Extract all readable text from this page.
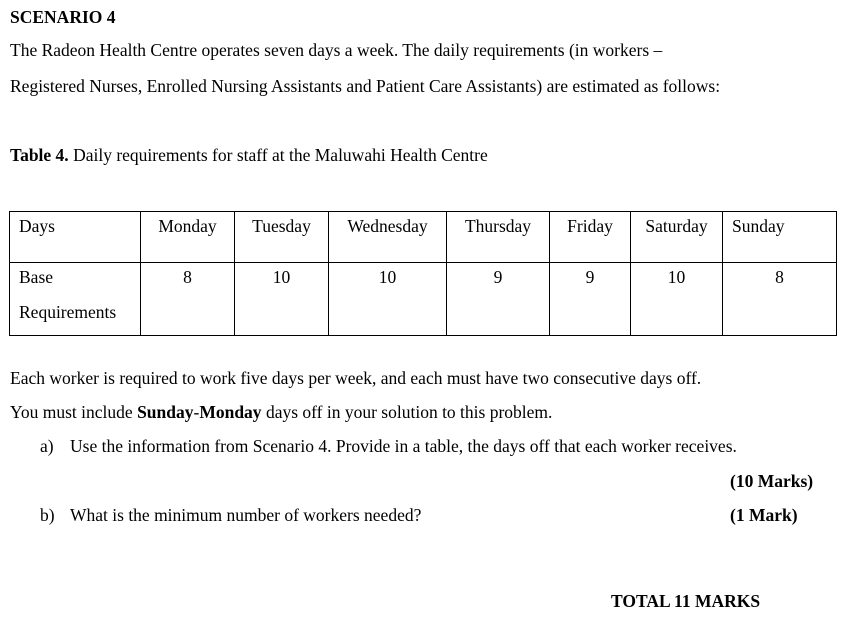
SCENARIO 4
The Radeon Health Centre operates seven days a week. The daily requirements (in workers –
Registered Nurses, Enrolled Nursing Assistants and Patient Care Assistants) are estimated as follows:
Table 4. Daily requirements for staff at the Maluwahi Health Centre
Days	Monday	Tuesday	Wednesday	Thursday	Friday	Saturday	Sunday

Base
Requirements	8	10	10	9	9	10	8
Each worker is required to work five days per week, and each must have two consecutive days off.
You must include Sunday-Monday days off in your solution to this problem.
a) Use the information from Scenario 4. Provide in a table, the days off that each worker receives.
(10 Marks)
b) What is the minimum number of workers needed?	(1 Mark)
TOTAL 11 MARKS
